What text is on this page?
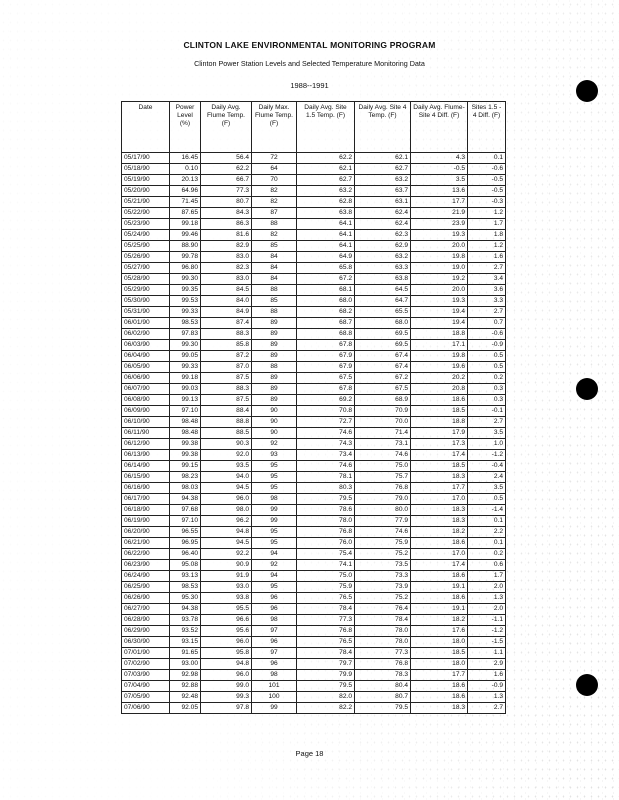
CLINTON LAKE ENVIRONMENTAL MONITORING PROGRAM
Clinton Power Station Levels and Selected Temperature Monitoring Data
1988--1991
Date	Power Level (%)	Daily Avg. Flume Temp. (F)	Daily Max. Flume Temp. (F)	Daily Avg. Site 1.5 Temp. (F)	Daily Avg. Site 4 Temp. (F)	Daily Avg. Flume-Site 4 Diff. (F)	Sites 1.5 - 4 Diff. (F)
05/17/90	16.45	56.4	72	62.2	62.1	4.3	0.1
05/18/90	0.10	62.2	64	62.1	62.7	-0.5	-0.6
05/19/90	20.13	66.7	70	62.7	63.2	3.5	-0.5
05/20/90	64.96	77.3	82	63.2	63.7	13.6	-0.5
05/21/90	71.45	80.7	82	62.8	63.1	17.7	-0.3
05/22/90	87.65	84.3	87	63.8	62.4	21.9	1.2
05/23/90	99.18	86.3	88	64.1	62.4	23.9	1.7
05/24/90	99.46	81.6	82	64.1	62.3	19.3	1.8
05/25/90	88.90	82.9	85	64.1	62.9	20.0	1.2
05/26/90	99.78	83.0	84	64.9	63.2	19.8	1.6
05/27/90	96.80	82.3	84	65.8	63.3	19.0	2.7
05/28/90	99.30	83.0	84	67.2	63.8	19.2	3.4
05/29/90	99.35	84.5	88	68.1	64.5	20.0	3.6
05/30/90	99.53	84.0	85	68.0	64.7	19.3	3.3
05/31/90	99.33	84.9	88	68.2	65.5	19.4	2.7
06/01/90	98.53	87.4	89	68.7	68.0	19.4	0.7
06/02/90	97.83	88.3	89	68.8	69.5	18.8	-0.6
06/03/90	99.30	85.8	89	67.8	69.5	17.1	-0.9
06/04/90	99.05	87.2	89	67.9	67.4	19.8	0.5
06/05/90	99.33	87.0	88	67.9	67.4	19.6	0.5
06/06/90	99.18	87.5	89	67.5	67.2	20.2	0.2
06/07/90	99.03	88.3	89	67.8	67.5	20.8	0.3
06/08/90	99.13	87.5	89	69.2	68.9	18.6	0.3
06/09/90	97.10	88.4	90	70.8	70.9	18.5	-0.1
06/10/90	98.48	88.8	90	72.7	70.0	18.8	2.7
06/11/90	98.48	88.5	90	74.6	71.4	17.9	3.5
06/12/90	99.38	90.3	92	74.3	73.1	17.3	1.0
06/13/90	99.38	92.0	93	73.4	74.6	17.4	-1.2
06/14/90	99.15	93.5	95	74.6	75.0	18.5	-0.4
06/15/90	98.23	94.0	95	78.1	75.7	18.3	2.4
06/16/90	98.03	94.5	95	80.3	76.8	17.7	3.5
06/17/90	94.38	96.0	98	79.5	79.0	17.0	0.5
06/18/90	97.68	98.0	99	78.6	80.0	18.3	-1.4
06/19/90	97.10	96.2	99	78.0	77.9	18.3	0.1
06/20/90	96.55	94.8	95	76.8	74.6	18.2	2.2
06/21/90	96.95	94.5	95	76.0	75.9	18.6	0.1
06/22/90	96.40	92.2	94	75.4	75.2	17.0	0.2
06/23/90	95.08	90.9	92	74.1	73.5	17.4	0.6
06/24/90	93.13	91.9	94	75.0	73.3	18.6	1.7
06/25/90	98.53	93.0	95	75.9	73.9	19.1	2.0
06/26/90	95.30	93.8	96	76.5	75.2	18.6	1.3
06/27/90	94.38	95.5	96	78.4	76.4	19.1	2.0
06/28/90	93.78	96.6	98	77.3	78.4	18.2	-1.1
06/29/90	93.52	95.6	97	76.8	78.0	17.6	-1.2
06/30/90	93.15	96.0	96	76.5	78.0	18.0	-1.5
07/01/90	91.65	95.8	97	78.4	77.3	18.5	1.1
07/02/90	93.00	94.8	96	79.7	76.8	18.0	2.9
07/03/90	92.98	96.0	98	79.9	78.3	17.7	1.6
07/04/90	92.88	99.0	101	79.5	80.4	18.6	-0.9
07/05/90	92.48	99.3	100	82.0	80.7	18.6	1.3
07/06/90	92.05	97.8	99	82.2	79.5	18.3	2.7
Page 18
